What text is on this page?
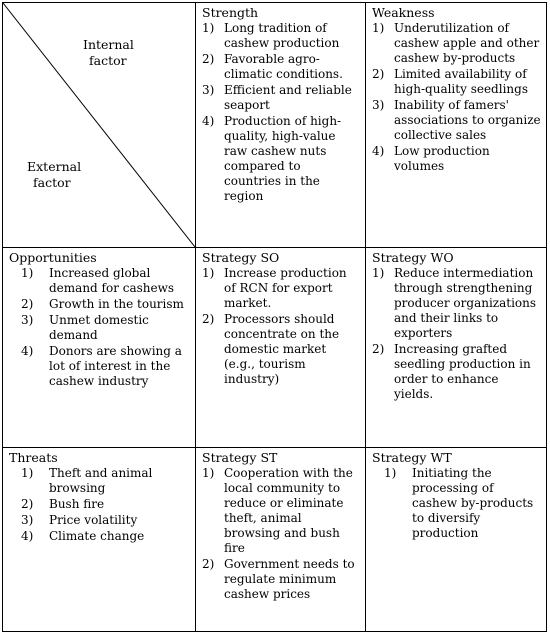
Internal
factor
External
factor
Strength
1) Long tradition of cashew production
2) Favorable agro-climatic conditions.
3) Efficient and reliable seaport
4) Production of high-quality, high-value raw cashew nuts compared to countries in the region
Weakness
1) Underutilization of cashew apple and other cashew by-products
2) Limited availability of high-quality seedlings
3) Inability of famers' associations to organize collective sales
4) Low production volumes
Opportunities
1) Increased global demand for cashews
2) Growth in the tourism
3) Unmet domestic demand
4) Donors are showing a lot of interest in the cashew industry
Strategy SO
1) Increase production of RCN for export market.
2) Processors should concentrate on the domestic market (e.g., tourism industry)
Strategy WO
1) Reduce intermediation through strengthening producer organizations and their links to exporters
2) Increasing grafted seedling production in order to enhance yields.
Threats
1) Theft and animal browsing
2) Bush fire
3) Price volatility
4) Climate change
Strategy ST
1) Cooperation with the local community to reduce or eliminate theft, animal browsing and bush fire
2) Government needs to regulate minimum cashew prices
Strategy WT
1) Initiating the processing of cashew by-products to diversify production
